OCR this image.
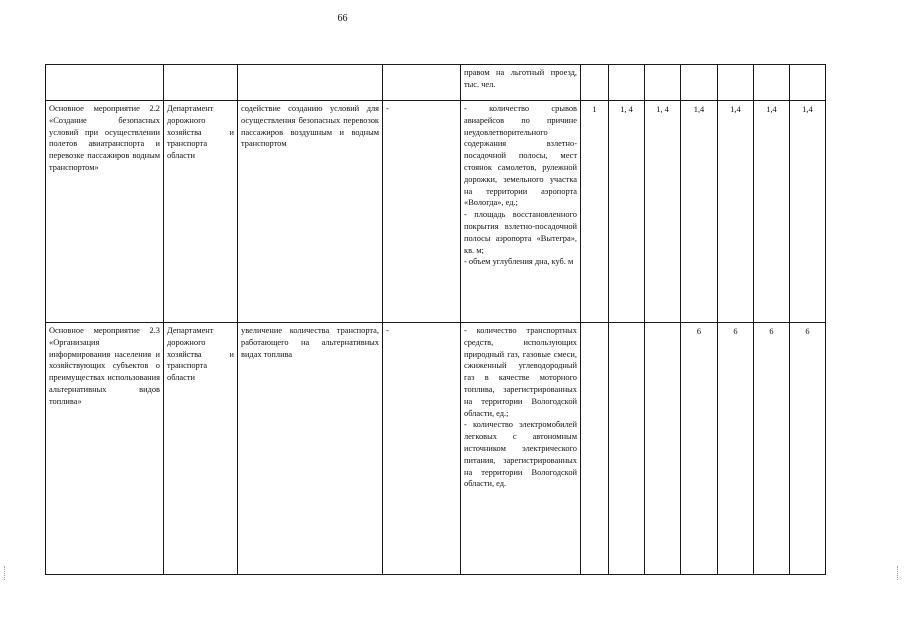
66

				правом на льготный проезд, тыс. чел.							

Основное мероприятие 2.2 «Создание безопасных условий при осуществлении полетов авиатранспорта и перевозке пассажиров водным транспортом»	Департамент дорожного хозяйства и транспорта области	содействие созданию условий для осуществления безопасных перевозок пассажиров воздушным и водным транспортом	-	- количество срывов авиарейсов по причине неудовлетворительного содержания взлетно-посадочной полосы, мест стоянок самолетов, рулежной дорожки, земельного участка на территории аэропорта «Вологда», ед.;
- площадь восстановленного покрытия взлетно-посадочной полосы аэропорта «Вытегра», кв. м;
- объем углубления дна, куб. м	1	1, 4	1, 4	1,4	1,4	1,4	1,4
Основное мероприятие 2.3 «Организация информирования населения и хозяйствующих субъектов о преимуществах использования альтернативных видов топлива»	Департамент дорожного хозяйства и транспорта области	увеличение количества транспорта, работающего на альтернативных видах топлива	-	- количество транспортных средств, использующих природный газ, газовые смеси, сжиженный углеводородный газ в качестве моторного топлива, зарегистрированных на территории Вологодской области, ед.;
- количество электромобилей легковых с автономным источником электрического питания, зарегистрированных на территории Вологодской области, ед.				6	6	6	6
